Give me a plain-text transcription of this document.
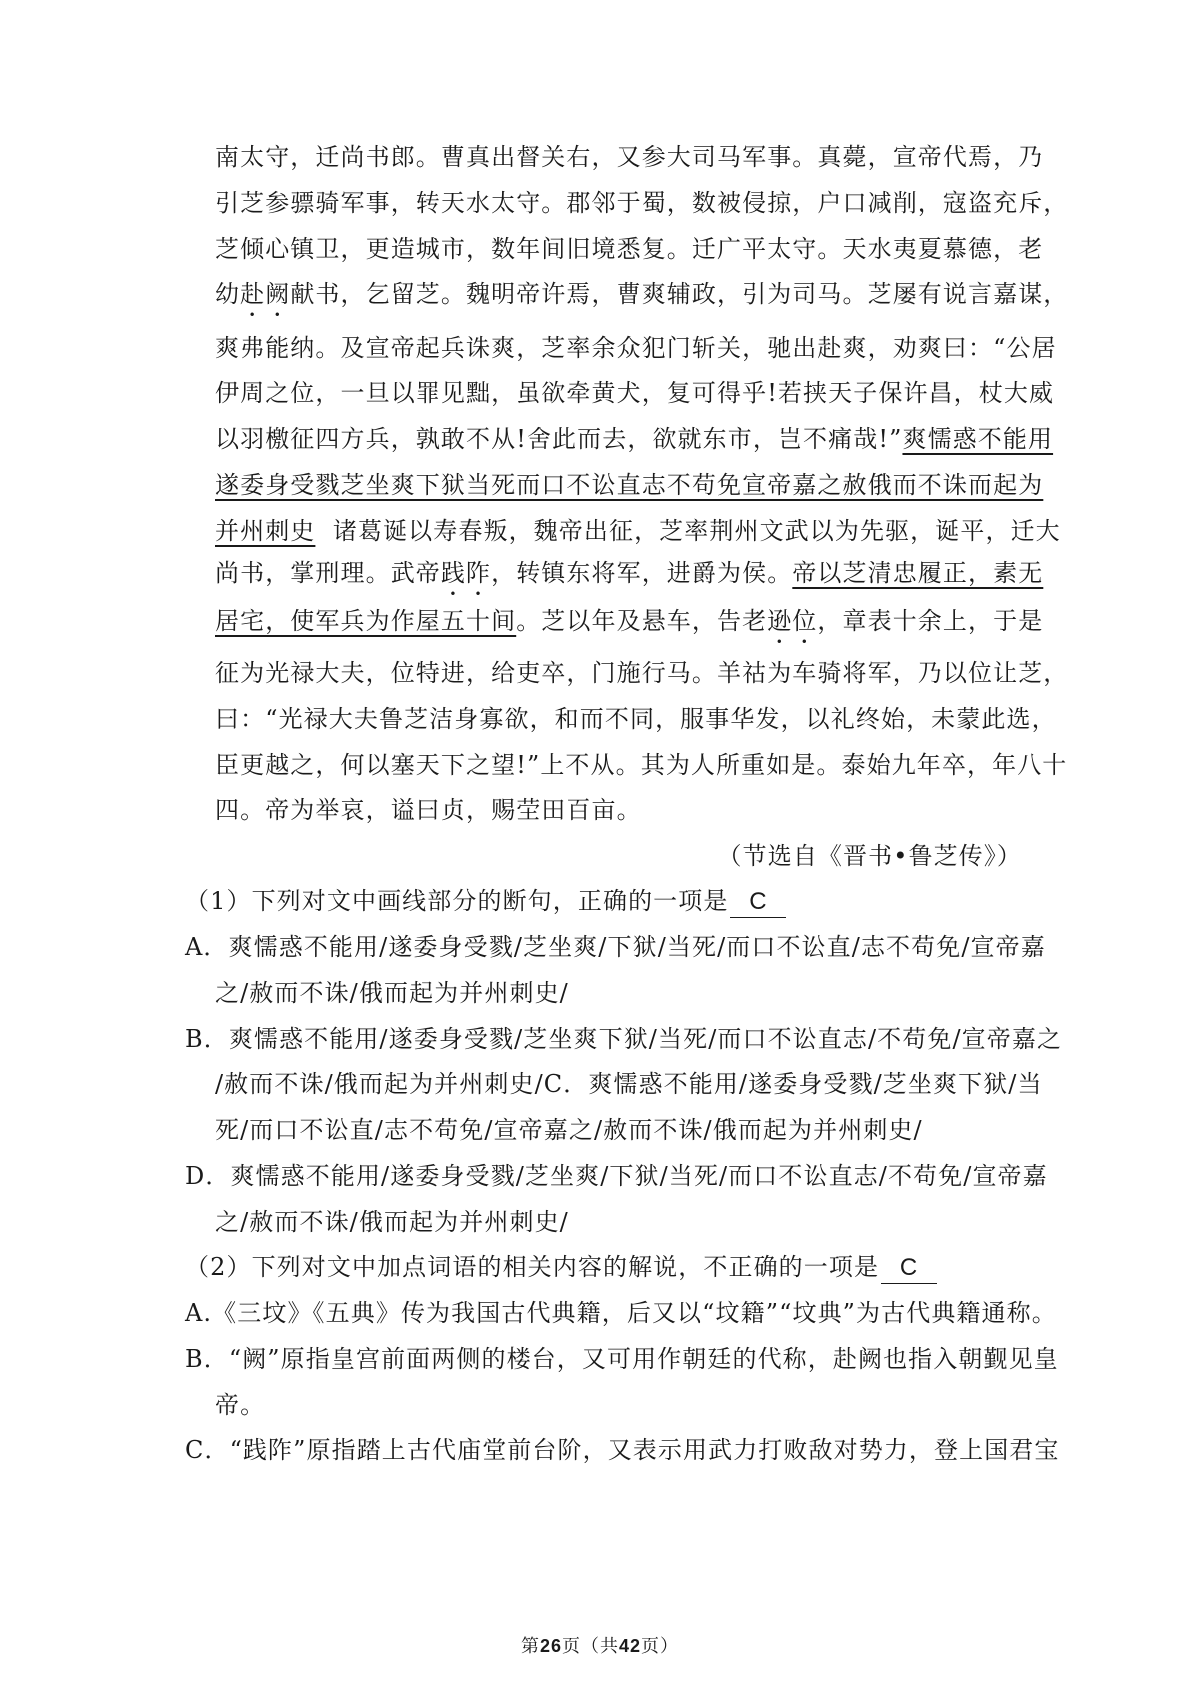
南太守，迁尚书郎。曹真出督关右，又参大司马军事。真薨，宣帝代焉，乃
引芝参骠骑军事，转天水太守。郡邻于蜀，数被侵掠，户口减削，寇盗充斥，
芝倾心镇卫，更造城市，数年间旧境悉复。迁广平太守。天水夷夏慕德，老
幼赴阙献书，乞留芝。魏明帝许焉，曹爽辅政，引为司马。芝屡有说言嘉谋，
爽弗能纳。及宣帝起兵诛爽，芝率余众犯门斩关，驰出赴爽，劝爽曰：“公居
伊周之位，一旦以罪见黜，虽欲牵黄犬，复可得乎!若挟天子保许昌，杖大威
以羽檄征四方兵，孰敢不从!舍此而去，欲就东市，岂不痛哉!”爽懦惑不能用
遂委身受戮芝坐爽下狱当死而口不讼直志不苟免宣帝嘉之赦俄而不诛而起为
并州刺史 诸葛诞以寿春叛，魏帝出征，芝率荆州文武以为先驱，诞平，迁大
尚书，掌刑理。武帝践阼，转镇东将军，进爵为侯。帝以芝清忠履正，素无
居宅，使军兵为作屋五十间。芝以年及悬车，告老逊位，章表十余上，于是
征为光禄大夫，位特进，给吏卒，门施行马。羊祜为车骑将军，乃以位让芝，
曰：“光禄大夫鲁芝洁身寡欲，和而不同，服事华发，以礼终始，未蒙此选，
臣更越之，何以塞天下之望!”上不从。其为人所重如是。泰始九年卒，年八十
四。帝为举哀，谥曰贞，赐茔田百亩。
（节选自《晋书•鲁芝传》）
（1）下列对文中画线部分的断句，正确的一项是 C
A．爽懦惑不能用/遂委身受戮/芝坐爽/下狱/当死/而口不讼直/志不苟免/宣帝嘉
之/赦而不诛/俄而起为并州刺史/
B．爽懦惑不能用/遂委身受戮/芝坐爽下狱/当死/而口不讼直志/不苟免/宣帝嘉之
/赦而不诛/俄而起为并州刺史/C．爽懦惑不能用/遂委身受戮/芝坐爽下狱/当
死/而口不讼直/志不苟免/宣帝嘉之/赦而不诛/俄而起为并州刺史/
D．爽懦惑不能用/遂委身受戮/芝坐爽/下狱/当死/而口不讼直志/不苟免/宣帝嘉
之/赦而不诛/俄而起为并州刺史/
（2）下列对文中加点词语的相关内容的解说，不正确的一项是 C
A.《三坟》《五典》传为我国古代典籍，后又以“坟籍”“坟典”为古代典籍通称。
B．“阙”原指皇宫前面两侧的楼台，又可用作朝廷的代称，赴阙也指入朝觐见皇
帝。
C．“践阼”原指踏上古代庙堂前台阶，又表示用武力打败敌对势力，登上国君宝
第26页（共42页）
